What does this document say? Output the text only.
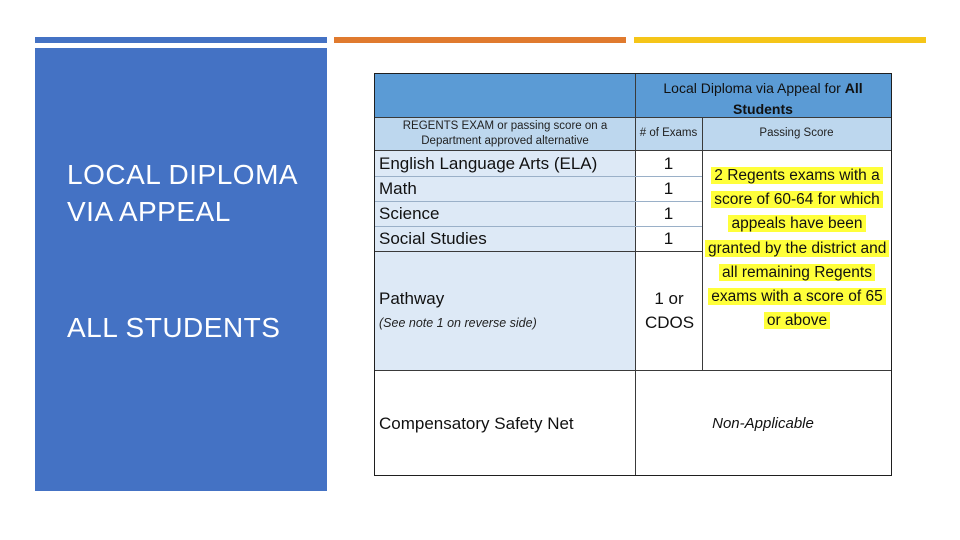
LOCAL DIPLOMA VIA APPEAL
ALL STUDENTS
Local Diploma via Appeal for All Students
REGENTS EXAM or passing score on a Department approved alternative
# of Exams	Passing Score
English Language Arts (ELA)
Math
Science
Social Studies
1
1
1
1
Pathway
(See note 1 on reverse side)
1 or CDOS
2 Regents exams with a score of 60-64 for which appeals have been granted by the district and all remaining Regents exams with a score of 65 or above
Compensatory Safety Net	Non-Applicable
